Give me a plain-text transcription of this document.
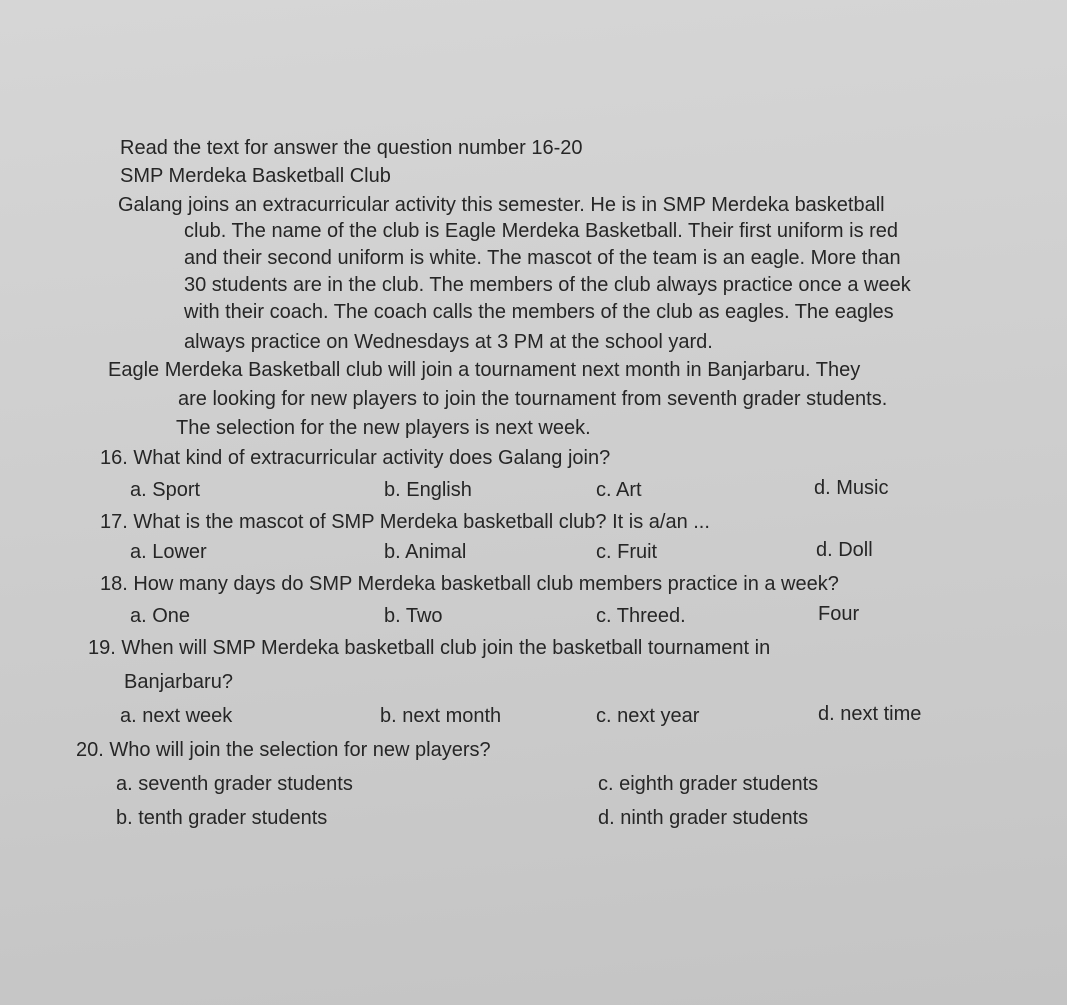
Read the text for answer the question number 16-20
SMP Merdeka Basketball Club
Galang joins an extracurricular activity this semester. He is in SMP Merdeka basketball
club. The name of the club is Eagle Merdeka Basketball. Their first uniform is red
and their second uniform is white. The mascot of the team is an eagle. More than
30 students are in the club. The members of the club always practice once a week
with their coach. The coach calls the members of the club as eagles. The eagles
always practice on Wednesdays at 3 PM at the school yard.
Eagle Merdeka Basketball club will join a tournament next month in Banjarbaru. They
are looking for new players to join the tournament from seventh grader students.
The selection for the new players is next week.
16. What kind of extracurricular activity does Galang join?
a. Sport	b. English	c. Art	d. Music
17. What is the mascot of SMP Merdeka basketball club? It is a/an ...
a. Lower	b. Animal	c. Fruit	d. Doll
18. How many days do SMP Merdeka basketball club members practice in a week?
a. One	b. Two	c. Threed.	Four
19. When will SMP Merdeka basketball club join the basketball tournament in
Banjarbaru?
a. next week	b. next month	c. next year	d. next time
20. Who will join the selection for new players?
a. seventh grader students	c. eighth grader students
b. tenth grader students	d. ninth grader students
